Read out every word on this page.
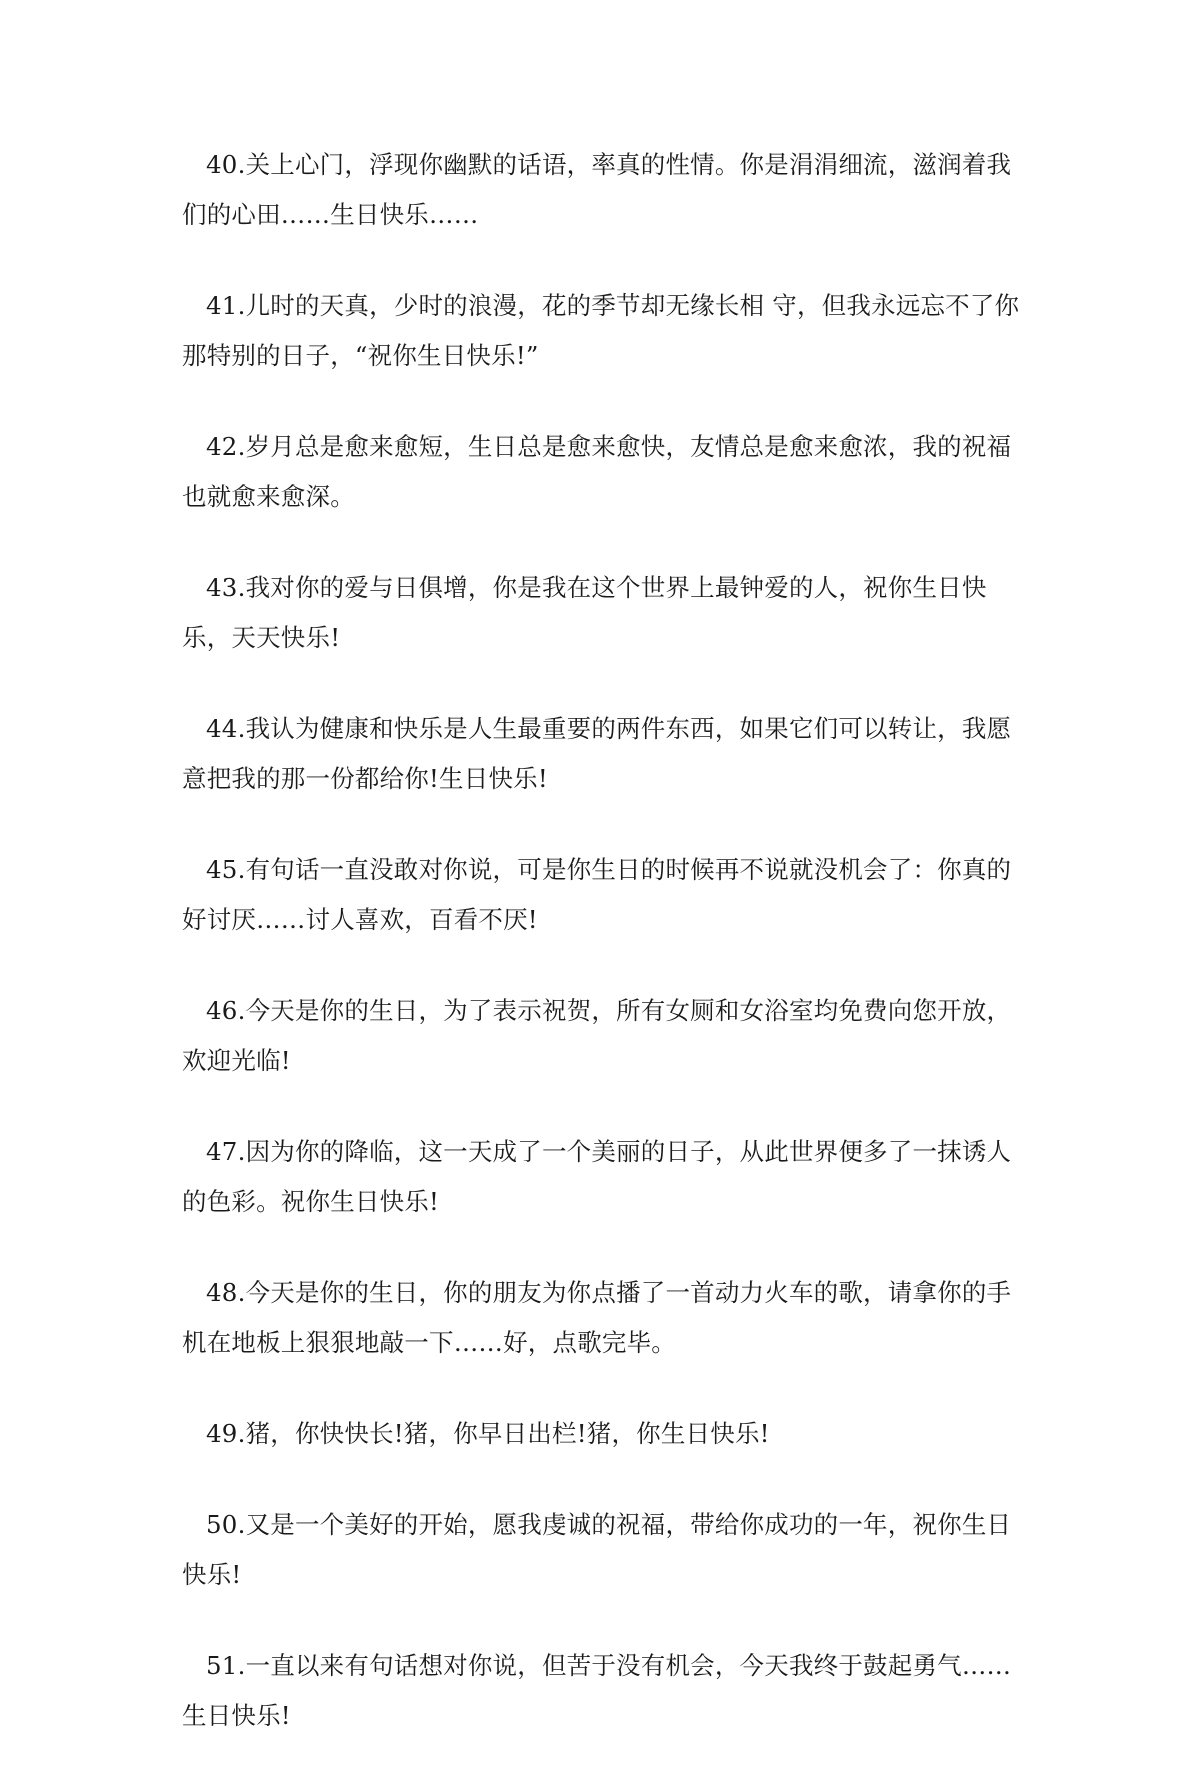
40.关上心门，浮现你幽默的话语，率真的性情。你是涓涓细流，滋润着我们的心田……生日快乐……

41.儿时的天真，少时的浪漫，花的季节却无缘长相 守，但我永远忘不了你那特别的日子，“祝你生日快乐!”

42.岁月总是愈来愈短，生日总是愈来愈快，友情总是愈来愈浓，我的祝福也就愈来愈深。

43.我对你的爱与日俱增，你是我在这个世界上最钟爱的人，祝你生日快乐，天天快乐!

44.我认为健康和快乐是人生最重要的两件东西，如果它们可以转让，我愿意把我的那一份都给你!生日快乐!

45.有句话一直没敢对你说，可是你生日的时候再不说就没机会了：你真的好讨厌……讨人喜欢，百看不厌!

46.今天是你的生日，为了表示祝贺，所有女厕和女浴室均免费向您开放，欢迎光临!

47.因为你的降临，这一天成了一个美丽的日子，从此世界便多了一抹诱人的色彩。祝你生日快乐!

48.今天是你的生日，你的朋友为你点播了一首动力火车的歌，请拿你的手机在地板上狠狠地敲一下……好，点歌完毕。

49.猪，你快快长!猪，你早日出栏!猪，你生日快乐!

50.又是一个美好的开始，愿我虔诚的祝福，带给你成功的一年，祝你生日快乐!

51.一直以来有句话想对你说，但苦于没有机会，今天我终于鼓起勇气……生日快乐!
